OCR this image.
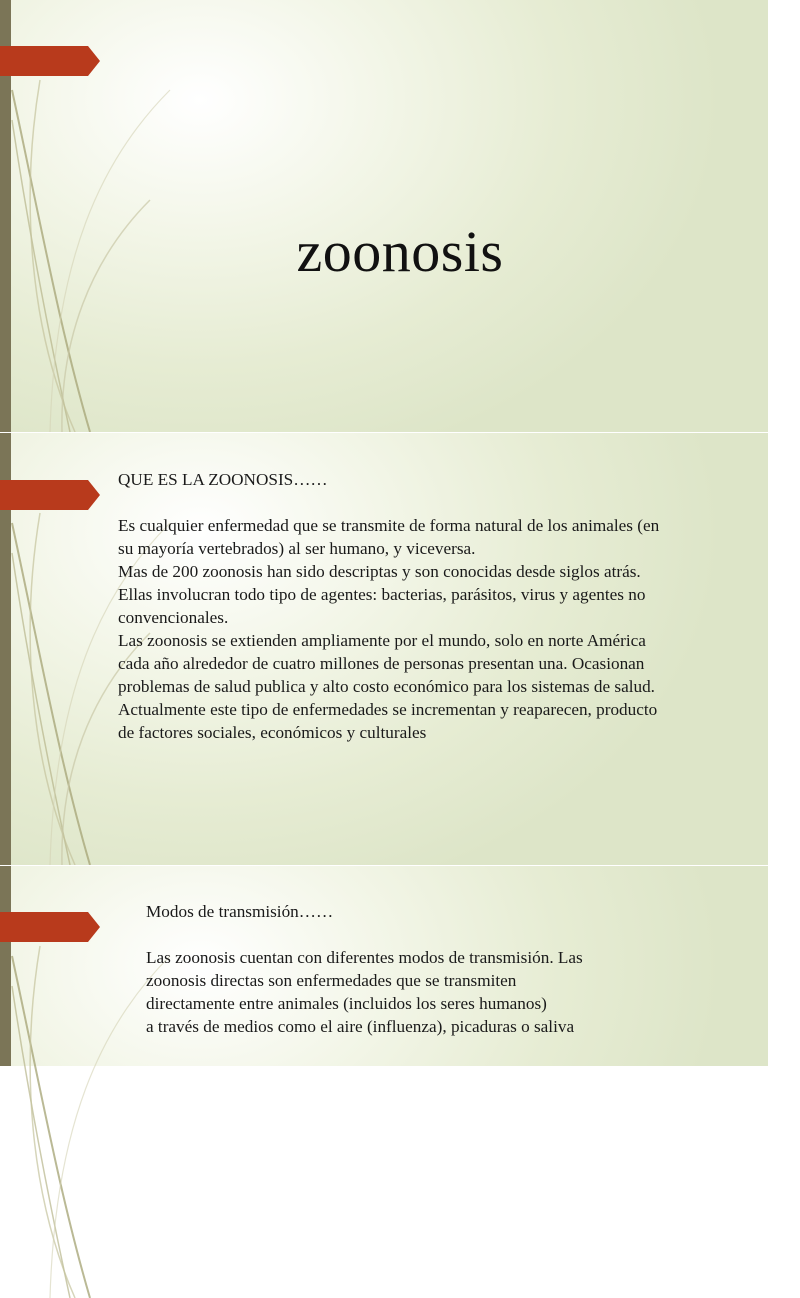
zoonosis

QUE ES LA ZOONOSIS……

Es cualquier enfermedad que se transmite de forma natural de los animales (en

su mayoría vertebrados) al ser humano, y viceversa.

Mas de 200 zoonosis han sido descriptas y son conocidas desde siglos atrás.

Ellas involucran todo tipo de agentes: bacterias, parásitos, virus y agentes no

convencionales.

Las zoonosis se extienden ampliamente por el mundo, solo en norte América

cada año alrededor de cuatro millones de personas presentan una. Ocasionan

problemas de salud publica y alto costo económico para los sistemas de salud.

Actualmente este tipo de enfermedades se incrementan y reaparecen, producto

de factores sociales, económicos y culturales

Modos de transmisión……

Las zoonosis cuentan con diferentes modos de transmisión. Las

zoonosis directas son enfermedades que se transmiten

directamente entre animales (incluidos los seres humanos)

a través de medios como el aire (influenza), picaduras o saliva
